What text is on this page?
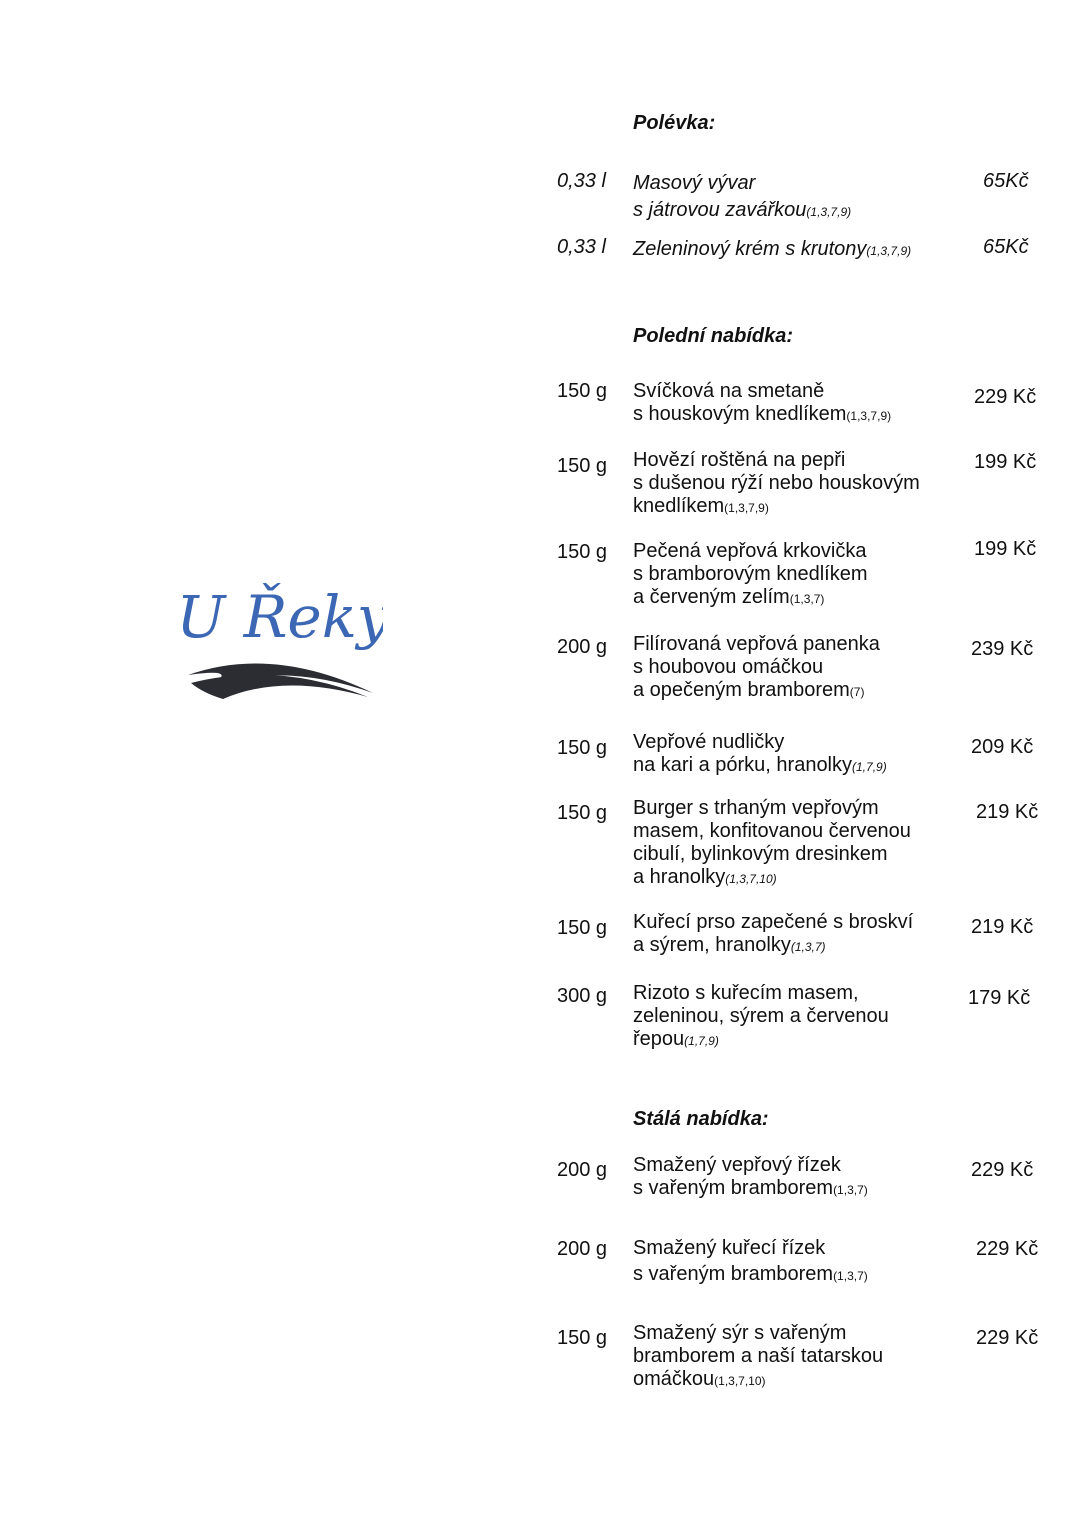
U Řeky
Polévka:
Polední nabídka:
Stálá nabídka:
0,33 l Masový vývar
s játrovou zavářkou(1,3,7,9)
65Kč
0,33 l Zeleninový krém s krutony(1,3,7,9)	65Kč
150 g Svíčková na smetaně
s houskovým knedlíkem(1,3,7,9)
229 Kč
150 g Hovězí roštěná na pepři
s dušenou rýží nebo houskovým
knedlíkem(1,3,7,9)
199 Kč
150 g Pečená vepřová krkovička
s bramborovým knedlíkem
a červeným zelím(1,3,7)
199 Kč
200 g Filírovaná vepřová panenka
s houbovou omáčkou
a opečeným bramborem(7)
239 Kč
150 g Vepřové nudličky
na kari a pórku, hranolky(1,7,9)
209 Kč
150 g Burger s trhaným vepřovým
masem, konfitovanou červenou
cibulí, bylinkovým dresinkem
a hranolky(1,3,7,10)
219 Kč
150 g Kuřecí prso zapečené s broskví
a sýrem, hranolky(1,3,7)
219 Kč
300 g Rizoto s kuřecím masem,
zeleninou, sýrem a červenou
řepou(1,7,9)
179 Kč
200 g Smažený vepřový řízek
s vařeným bramborem(1,3,7)
229 Kč
200 g Smažený kuřecí řízek
s vařeným bramborem(1,3,7)
229 Kč
150 g Smažený sýr s vařeným
bramborem a naší tatarskou
omáčkou(1,3,7,10)
229 Kč
